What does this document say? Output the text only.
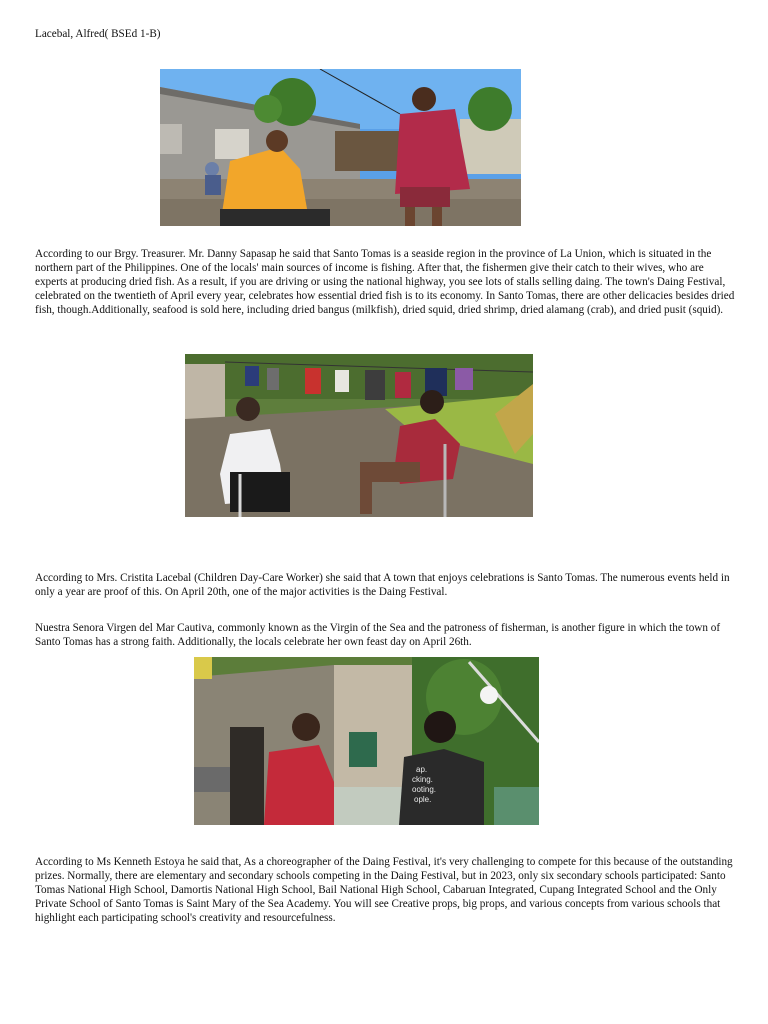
Lacebal, Alfred( BSEd 1-B)

According to our Brgy. Treasurer. Mr. Danny Sapasap he said that Santo Tomas is a seaside region in the province of La Union, which is situated in the northern part of the Philippines. One of the locals' main sources of income is fishing. After that, the fishermen give their catch to their wives, who are experts at producing dried fish. As a result, if you are driving or using the national highway, you see lots of stalls selling daing. The town's Daing Festival, celebrated on the twentieth of April every year, celebrates how essential dried fish is to its economy. In Santo Tomas, there are other delicacies besides dried fish, though.Additionally, seafood is sold here, including dried bangus (milkfish), dried squid, dried shrimp, dried alamang (crab), and dried pusit (squid).

According to Mrs. Cristita Lacebal (Children Day-Care Worker) she said that A town that enjoys celebrations is Santo Tomas. The numerous events held in only a year are proof of this. On April 20th, one of the major activities is the Daing Festival.

Nuestra Senora Virgen del Mar Cautiva, commonly known as the Virgin of the Sea and the patroness of fisherman, is another figure in which the town of Santo Tomas has a strong faith. Additionally, the locals celebrate her own feast day on April 26th.

ap.
cking.
ooting.
ople.

According to Ms Kenneth Estoya he said that, As a choreographer of the Daing Festival, it's very challenging to compete for this because of the outstanding prizes. Normally, there are elementary and secondary schools competing in the Daing Festival, but in 2023, only six secondary schools participated: Santo Tomas National High School, Damortis National High School, Bail National High School, Cabaruan Integrated, Cupang Integrated School and the Only Private School of Santo Tomas is Saint Mary of the Sea Academy. You will see Creative props, big props, and various concepts from various schools that highlight each participating school's creativity and resourcefulness.
